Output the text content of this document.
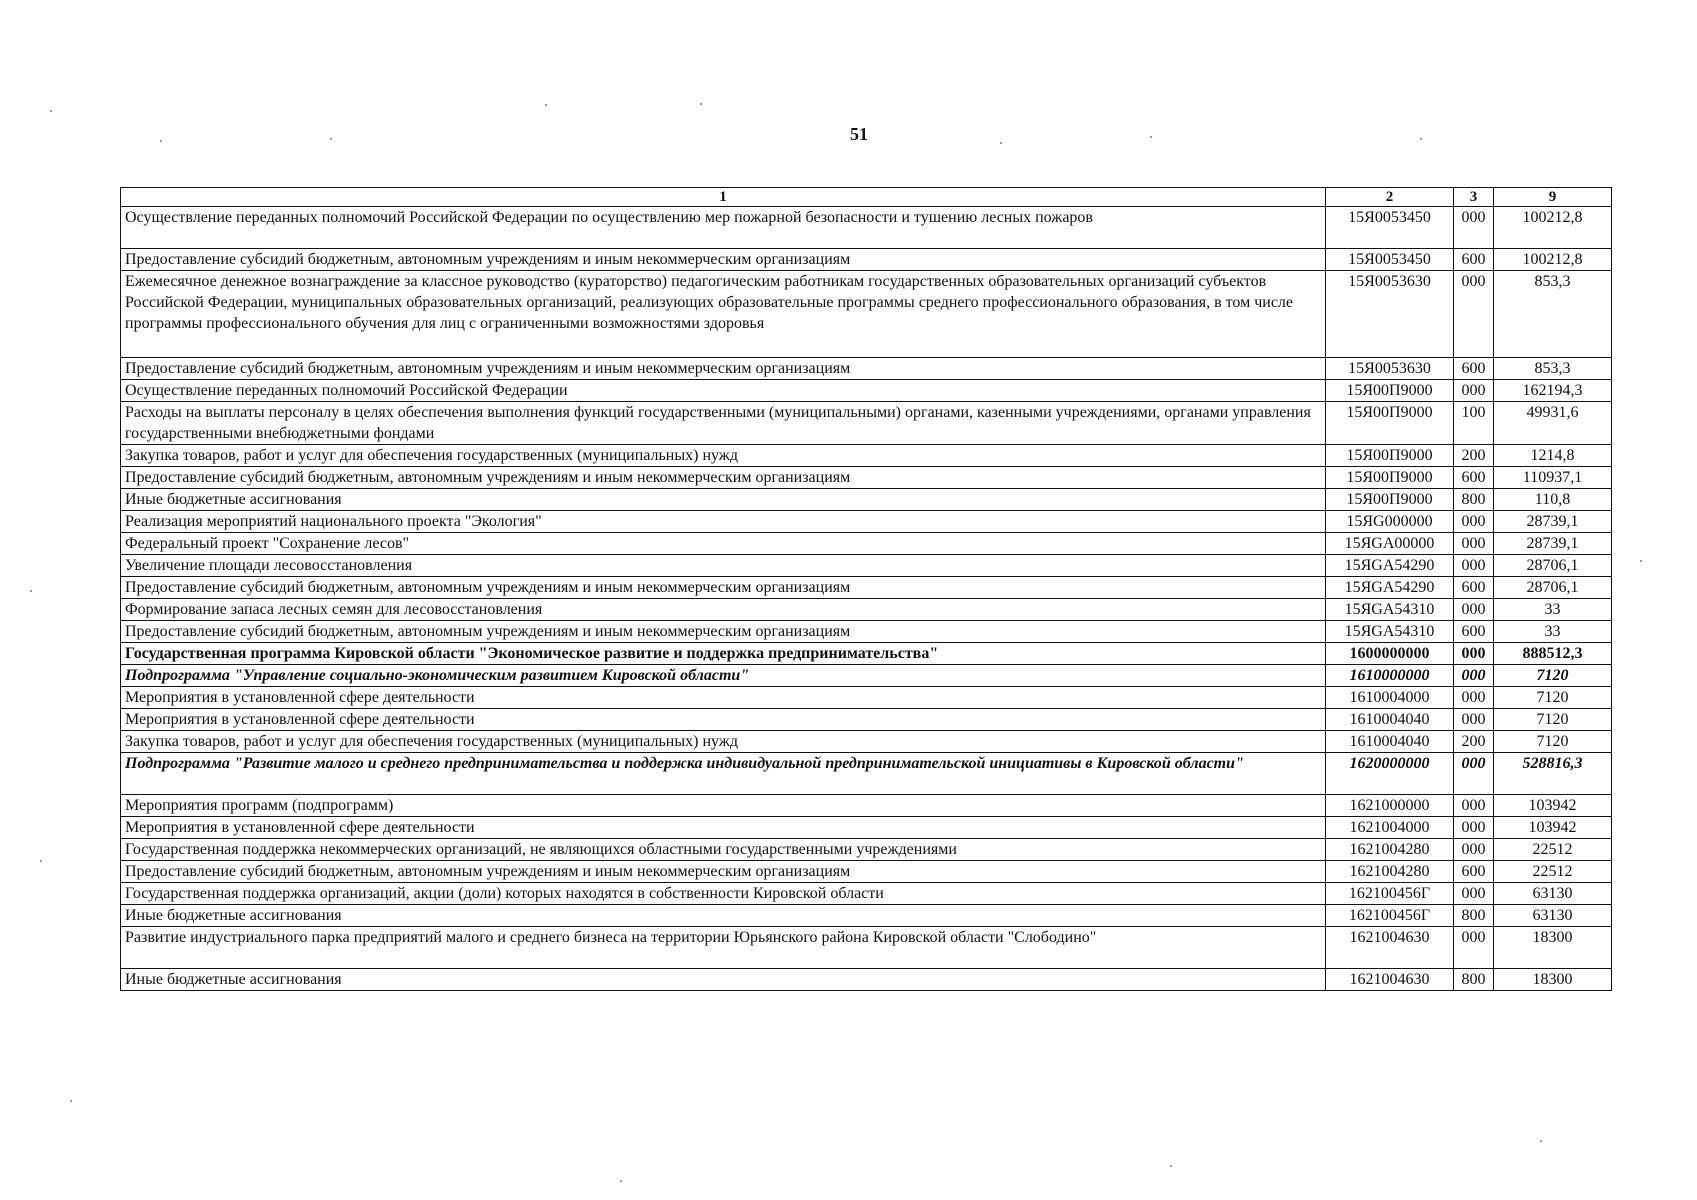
51
1	2	3	9
Осуществление переданных полномочий Российской Федерации по осуществлению мер пожарной безопасности и тушению лесных пожаров	15Я0053450	000	100212,8
Предоставление субсидий бюджетным, автономным учреждениям и иным некоммерческим организациям	15Я0053450	600	100212,8
Ежемесячное денежное вознаграждение за классное руководство (кураторство) педагогическим работникам государственных образовательных организаций субъектов Российской Федерации, муниципальных образовательных организаций, реализующих образовательные программы среднего профессионального образования, в том числе программы профессионального обучения для лиц с ограниченными возможностями здоровья	15Я0053630	000	853,3
Предоставление субсидий бюджетным, автономным учреждениям и иным некоммерческим организациям	15Я0053630	600	853,3
Осуществление переданных полномочий Российской Федерации	15Я00П9000	000	162194,3
Расходы на выплаты персоналу в целях обеспечения выполнения функций государственными (муниципальными) органами, казенными учреждениями, органами управления государственными внебюджетными фондами	15Я00П9000	100	49931,6
Закупка товаров, работ и услуг для обеспечения государственных (муниципальных) нужд	15Я00П9000	200	1214,8
Предоставление субсидий бюджетным, автономным учреждениям и иным некоммерческим организациям	15Я00П9000	600	110937,1
Иные бюджетные ассигнования	15Я00П9000	800	110,8
Реализация мероприятий национального проекта "Экология"	15ЯG000000	000	28739,1
Федеральный проект "Сохранение лесов"	15ЯGA00000	000	28739,1
Увеличение площади лесовосстановления	15ЯGA54290	000	28706,1
Предоставление субсидий бюджетным, автономным учреждениям и иным некоммерческим организациям	15ЯGA54290	600	28706,1
Формирование запаса лесных семян для лесовосстановления	15ЯGA54310	000	33
Предоставление субсидий бюджетным, автономным учреждениям и иным некоммерческим организациям	15ЯGA54310	600	33
Государственная программа Кировской области "Экономическое развитие и поддержка предпринимательства"	1600000000	000	888512,3
Подпрограмма "Управление социально-экономическим развитием Кировской области"	1610000000	000	7120
Мероприятия в установленной сфере деятельности	1610004000	000	7120
Мероприятия в установленной сфере деятельности	1610004040	000	7120
Закупка товаров, работ и услуг для обеспечения государственных (муниципальных) нужд	1610004040	200	7120
Подпрограмма "Развитие малого и среднего предпринимательства и поддержка индивидуальной предпринимательской инициативы в Кировской области"	1620000000	000	528816,3
Мероприятия программ (подпрограмм)	1621000000	000	103942
Мероприятия в установленной сфере деятельности	1621004000	000	103942
Государственная поддержка некоммерческих организаций, не являющихся областными государственными учреждениями	1621004280	000	22512
Предоставление субсидий бюджетным, автономным учреждениям и иным некоммерческим организациям	1621004280	600	22512
Государственная поддержка организаций, акции (доли) которых находятся в собственности Кировской области	162100456Г	000	63130
Иные бюджетные ассигнования	162100456Г	800	63130
Развитие индустриального парка предприятий малого и среднего бизнеса на территории Юрьянского района Кировской области "Слободино"	1621004630	000	18300
Иные бюджетные ассигнования	1621004630	800	18300
